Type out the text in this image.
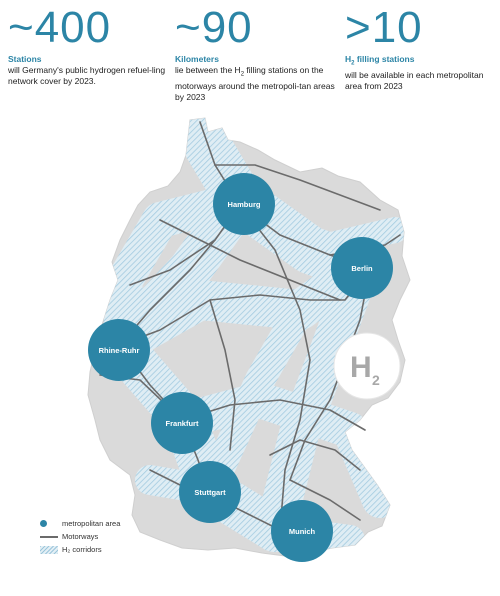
~400
Stations
will Germany's public hydrogen refuel-ling network cover by 2023.
~90
Kilometers
lie between the $H_2$ filling stations on the motorways around the metropoli-tan areas by 2023
>10
$H_2$ filling stations
will be available in each metropolitan area from 2023
Hamburg
Berlin
Rhine-Ruhr
Frankfurt
Stuttgart
Munich
H 2
metropolitan area
Motorways
H₂ corridors
